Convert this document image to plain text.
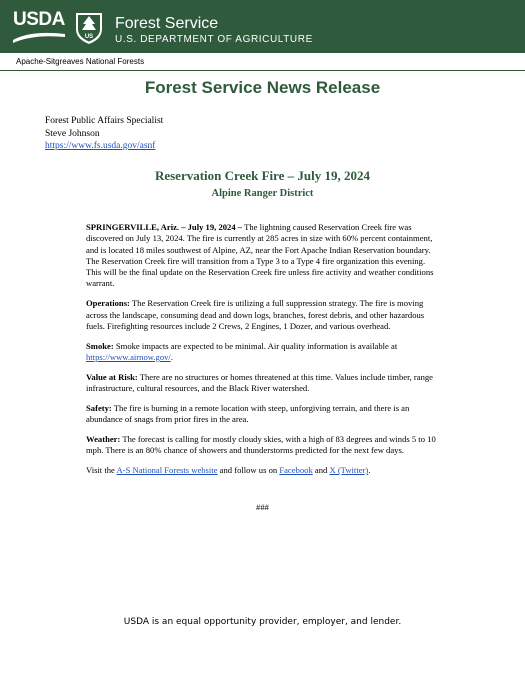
USDA
US
Forest Service
U.S. DEPARTMENT OF AGRICULTURE
Apache-Sitgreaves National Forests
Forest Service News Release
Forest Public Affairs Specialist
Steve Johnson
https://www.fs.usda.gov/asnf
Reservation Creek Fire – July 19, 2024
Alpine Ranger District

SPRINGERVILLE, Ariz. – July 19, 2024 – The lightning caused Reservation Creek fire was discovered on July 13, 2024. The fire is currently at 285 acres in size with 60% percent containment, and is located 18 miles southwest of Alpine, AZ, near the Fort Apache Indian Reservation boundary. The Reservation Creek fire will transition from a Type 3 to a Type 4 fire organization this evening. This will be the final update on the Reservation Creek fire unless fire activity and weather conditions warrant.

Operations: The Reservation Creek fire is utilizing a full suppression strategy. The fire is moving across the landscape, consuming dead and down logs, branches, forest debris, and other hazardous fuels. Firefighting resources include 2 Crews, 2 Engines, 1 Dozer, and various overhead.

Smoke: Smoke impacts are expected to be minimal. Air quality information is available at https://www.airnow.gov/.

Value at Risk: There are no structures or homes threatened at this time. Values include timber, range infrastructure, cultural resources, and the Black River watershed.

Safety: The fire is burning in a remote location with steep, unforgiving terrain, and there is an abundance of snags from prior fires in the area.

Weather: The forecast is calling for mostly cloudy skies, with a high of 83 degrees and winds 5 to 10 mph. There is an 80% chance of showers and thunderstorms predicted for the next few days.

Visit the A-S National Forests website and follow us on Facebook and X (Twitter).

###
USDA is an equal opportunity provider, employer, and lender.
